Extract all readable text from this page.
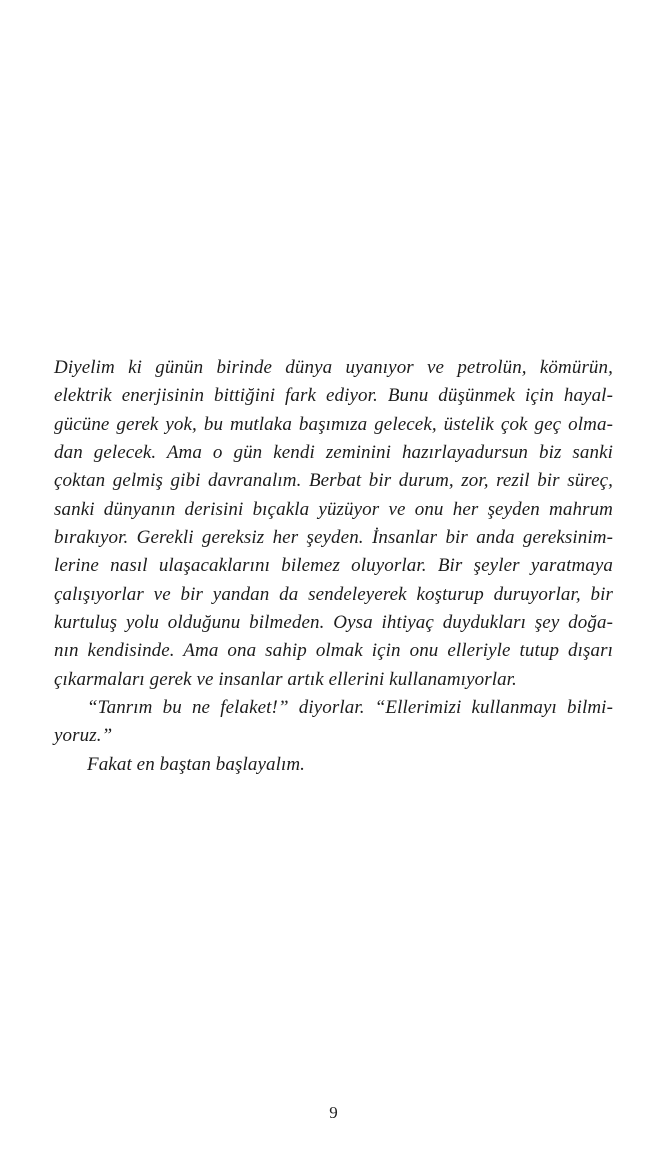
Diyelim ki günün birinde dünya uyanıyor ve petrolün, kömürün,
elektrik enerjisinin bittiğini fark ediyor. Bunu düşünmek için hayal-
gücüne gerek yok, bu mutlaka başımıza gelecek, üstelik çok geç olma-
dan gelecek. Ama o gün kendi zeminini hazırlayadursun biz sanki
çoktan gelmiş gibi davranalım. Berbat bir durum, zor, rezil bir süreç,
sanki dünyanın derisini bıçakla yüzüyor ve onu her şeyden mahrum
bırakıyor. Gerekli gereksiz her şeyden. İnsanlar bir anda gereksinim-
lerine nasıl ulaşacaklarını bilemez oluyorlar. Bir şeyler yaratmaya
çalışıyorlar ve bir yandan da sendeleyerek koşturup duruyorlar, bir
kurtuluş yolu olduğunu bilmeden. Oysa ihtiyaç duydukları şey doğa-
nın kendisinde. Ama ona sahip olmak için onu elleriyle tutup dışarı
çıkarmaları gerek ve insanlar artık ellerini kullanamıyorlar.
“Tanrım bu ne felaket!” diyorlar. “Ellerimizi kullanmayı bilmi-
yoruz.”
Fakat en baştan başlayalım.
9
